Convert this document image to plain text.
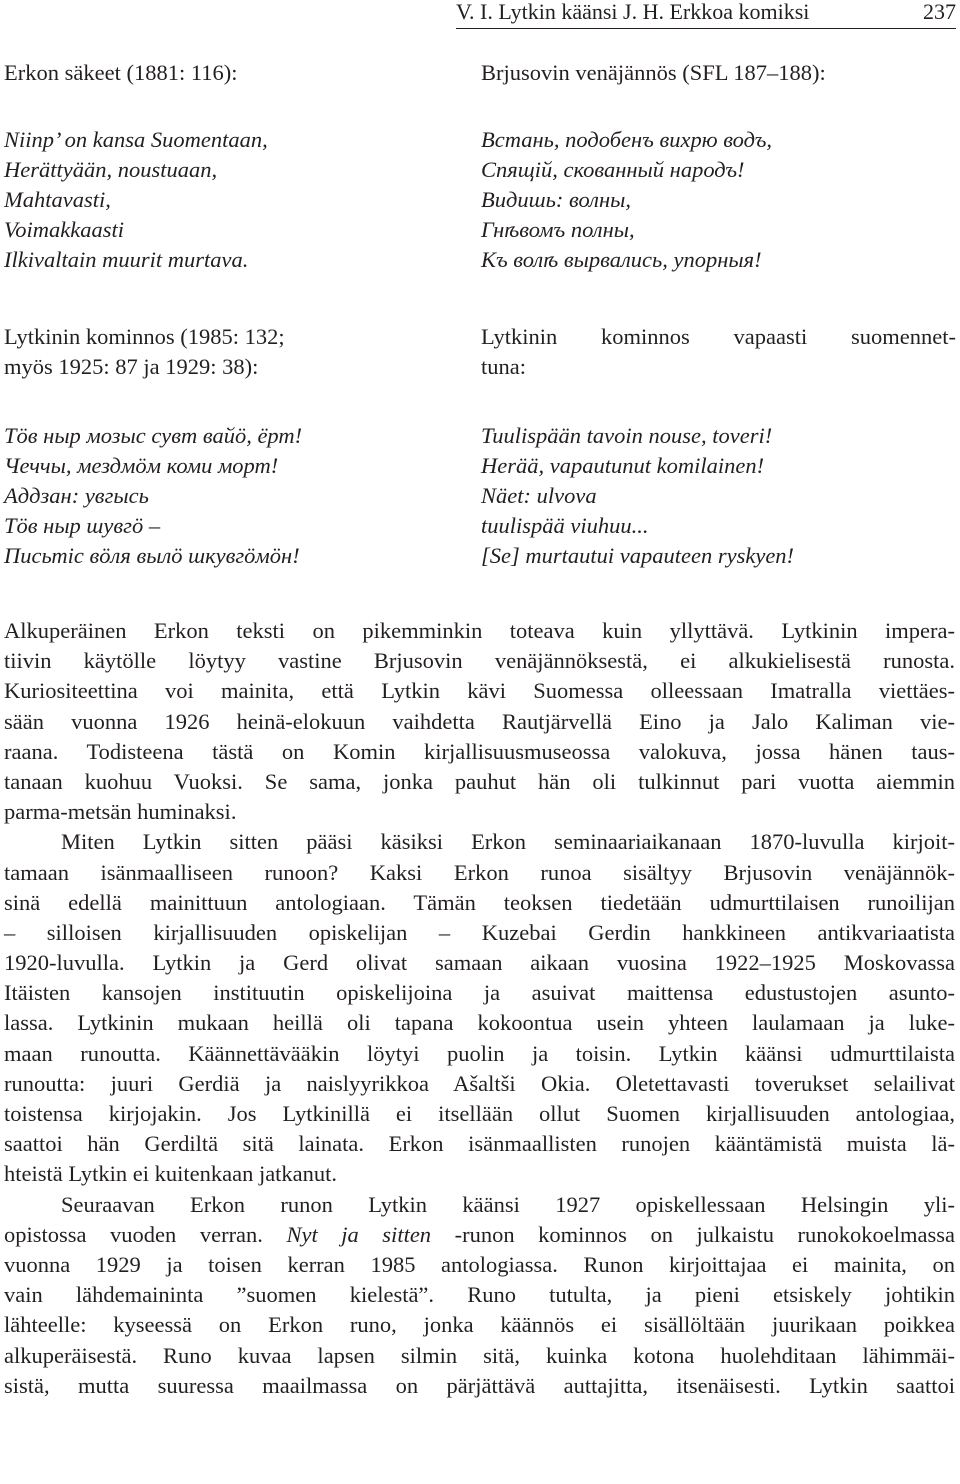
V. I. Lytkin käänsi J. H. Erkkoa komiksi	237
Erkon säkeet (1881: 116):
Niinp’ on kansa Suomentaan,
Herättyään, noustuaan,
Mahtavasti,
Voimakkaasti
Ilkivaltain muurit murtava.
Lytkinin kominnos (1985: 132;
myös 1925: 87 ja 1929: 38):
Тӧв ныр мозыс сувт вайӧ, ёрт!
Чеччы, мездмӧм коми морт!
Аддзан: увгысь
Тӧв ныр шувгӧ –
Письтiс вӧля вылӧ шкувгӧмӧн!
Brjusovin venäjännös (SFL 187–188):
Встань, подобенъ вихрю водъ,
Спящiй, скованный народъ!
Видишь: волны,
Гнѣвомъ полны,
Къ волѣ вырвались, упорныя!
Lytkinin kominnos vapaasti suomennet-
tuna:
Tuulispään tavoin nouse, toveri!
Herää, vapautunut komilainen!
Näet: ulvova
tuulispää viuhuu...
[Se] murtautui vapauteen ryskyen!
Alkuperäinen Erkon teksti on pikemminkin toteava kuin yllyttävä. Lytkinin impera-
tiivin käytölle löytyy vastine Brjusovin venäjännöksestä, ei alkukielisestä runosta.
Kuriositeettina voi mainita, että Lytkin kävi Suomessa olleessaan Imatralla viettäes-
sään vuonna 1926 heinä-elokuun vaihdetta Rautjärvellä Eino ja Jalo Kaliman vie-
raana. Todisteena tästä on Komin kirjallisuusmuseossa valokuva, jossa hänen taus-
tanaan kuohuu Vuoksi. Se sama, jonka pauhut hän oli tulkinnut pari vuotta aiemmin
parma-metsän huminaksi.
Miten Lytkin sitten pääsi käsiksi Erkon seminaariaikanaan 1870-luvulla kirjoit-
tamaan isänmaalliseen runoon? Kaksi Erkon runoa sisältyy Brjusovin venäjännök-
sinä edellä mainittuun antologiaan. Tämän teoksen tiedetään udmurttilaisen runoilijan
– silloisen kirjallisuuden opiskelijan – Kuzebai Gerdin hankkineen antikvariaatista
1920-luvulla. Lytkin ja Gerd olivat samaan aikaan vuosina 1922–1925 Moskovassa
Itäisten kansojen instituutin opiskelijoina ja asuivat maittensa edustustojen asunto-
lassa. Lytkinin mukaan heillä oli tapana kokoontua usein yhteen laulamaan ja luke-
maan runoutta. Käännettävääkin löytyi puolin ja toisin. Lytkin käänsi udmurttilaista
runoutta: juuri Gerdiä ja naislyyrikkoa Ašaltši Okia. Oletettavasti toverukset selailivat
toistensa kirjojakin. Jos Lytkinillä ei itsellään ollut Suomen kirjallisuuden antologiaa,
saattoi hän Gerdiltä sitä lainata. Erkon isänmaallisten runojen kääntämistä muista lä-
hteistä Lytkin ei kuitenkaan jatkanut.
Seuraavan Erkon runon Lytkin käänsi 1927 opiskellessaan Helsingin yli-
opistossa vuoden verran. Nyt ja sitten -runon kominnos on julkaistu runokokoelmassa
vuonna 1929 ja toisen kerran 1985 antologiassa. Runon kirjoittajaa ei mainita, on
vain lähdemaininta ”suomen kielestä”. Runo tutulta, ja pieni etsiskely johtikin
lähteelle: kyseessä on Erkon runo, jonka käännös ei sisällöltään juurikaan poikkea
alkuperäisestä. Runo kuvaa lapsen silmin sitä, kuinka kotona huolehditaan lähimmäi-
sistä, mutta suuressa maailmassa on pärjättävä auttajitta, itsenäisesti. Lytkin saattoi
